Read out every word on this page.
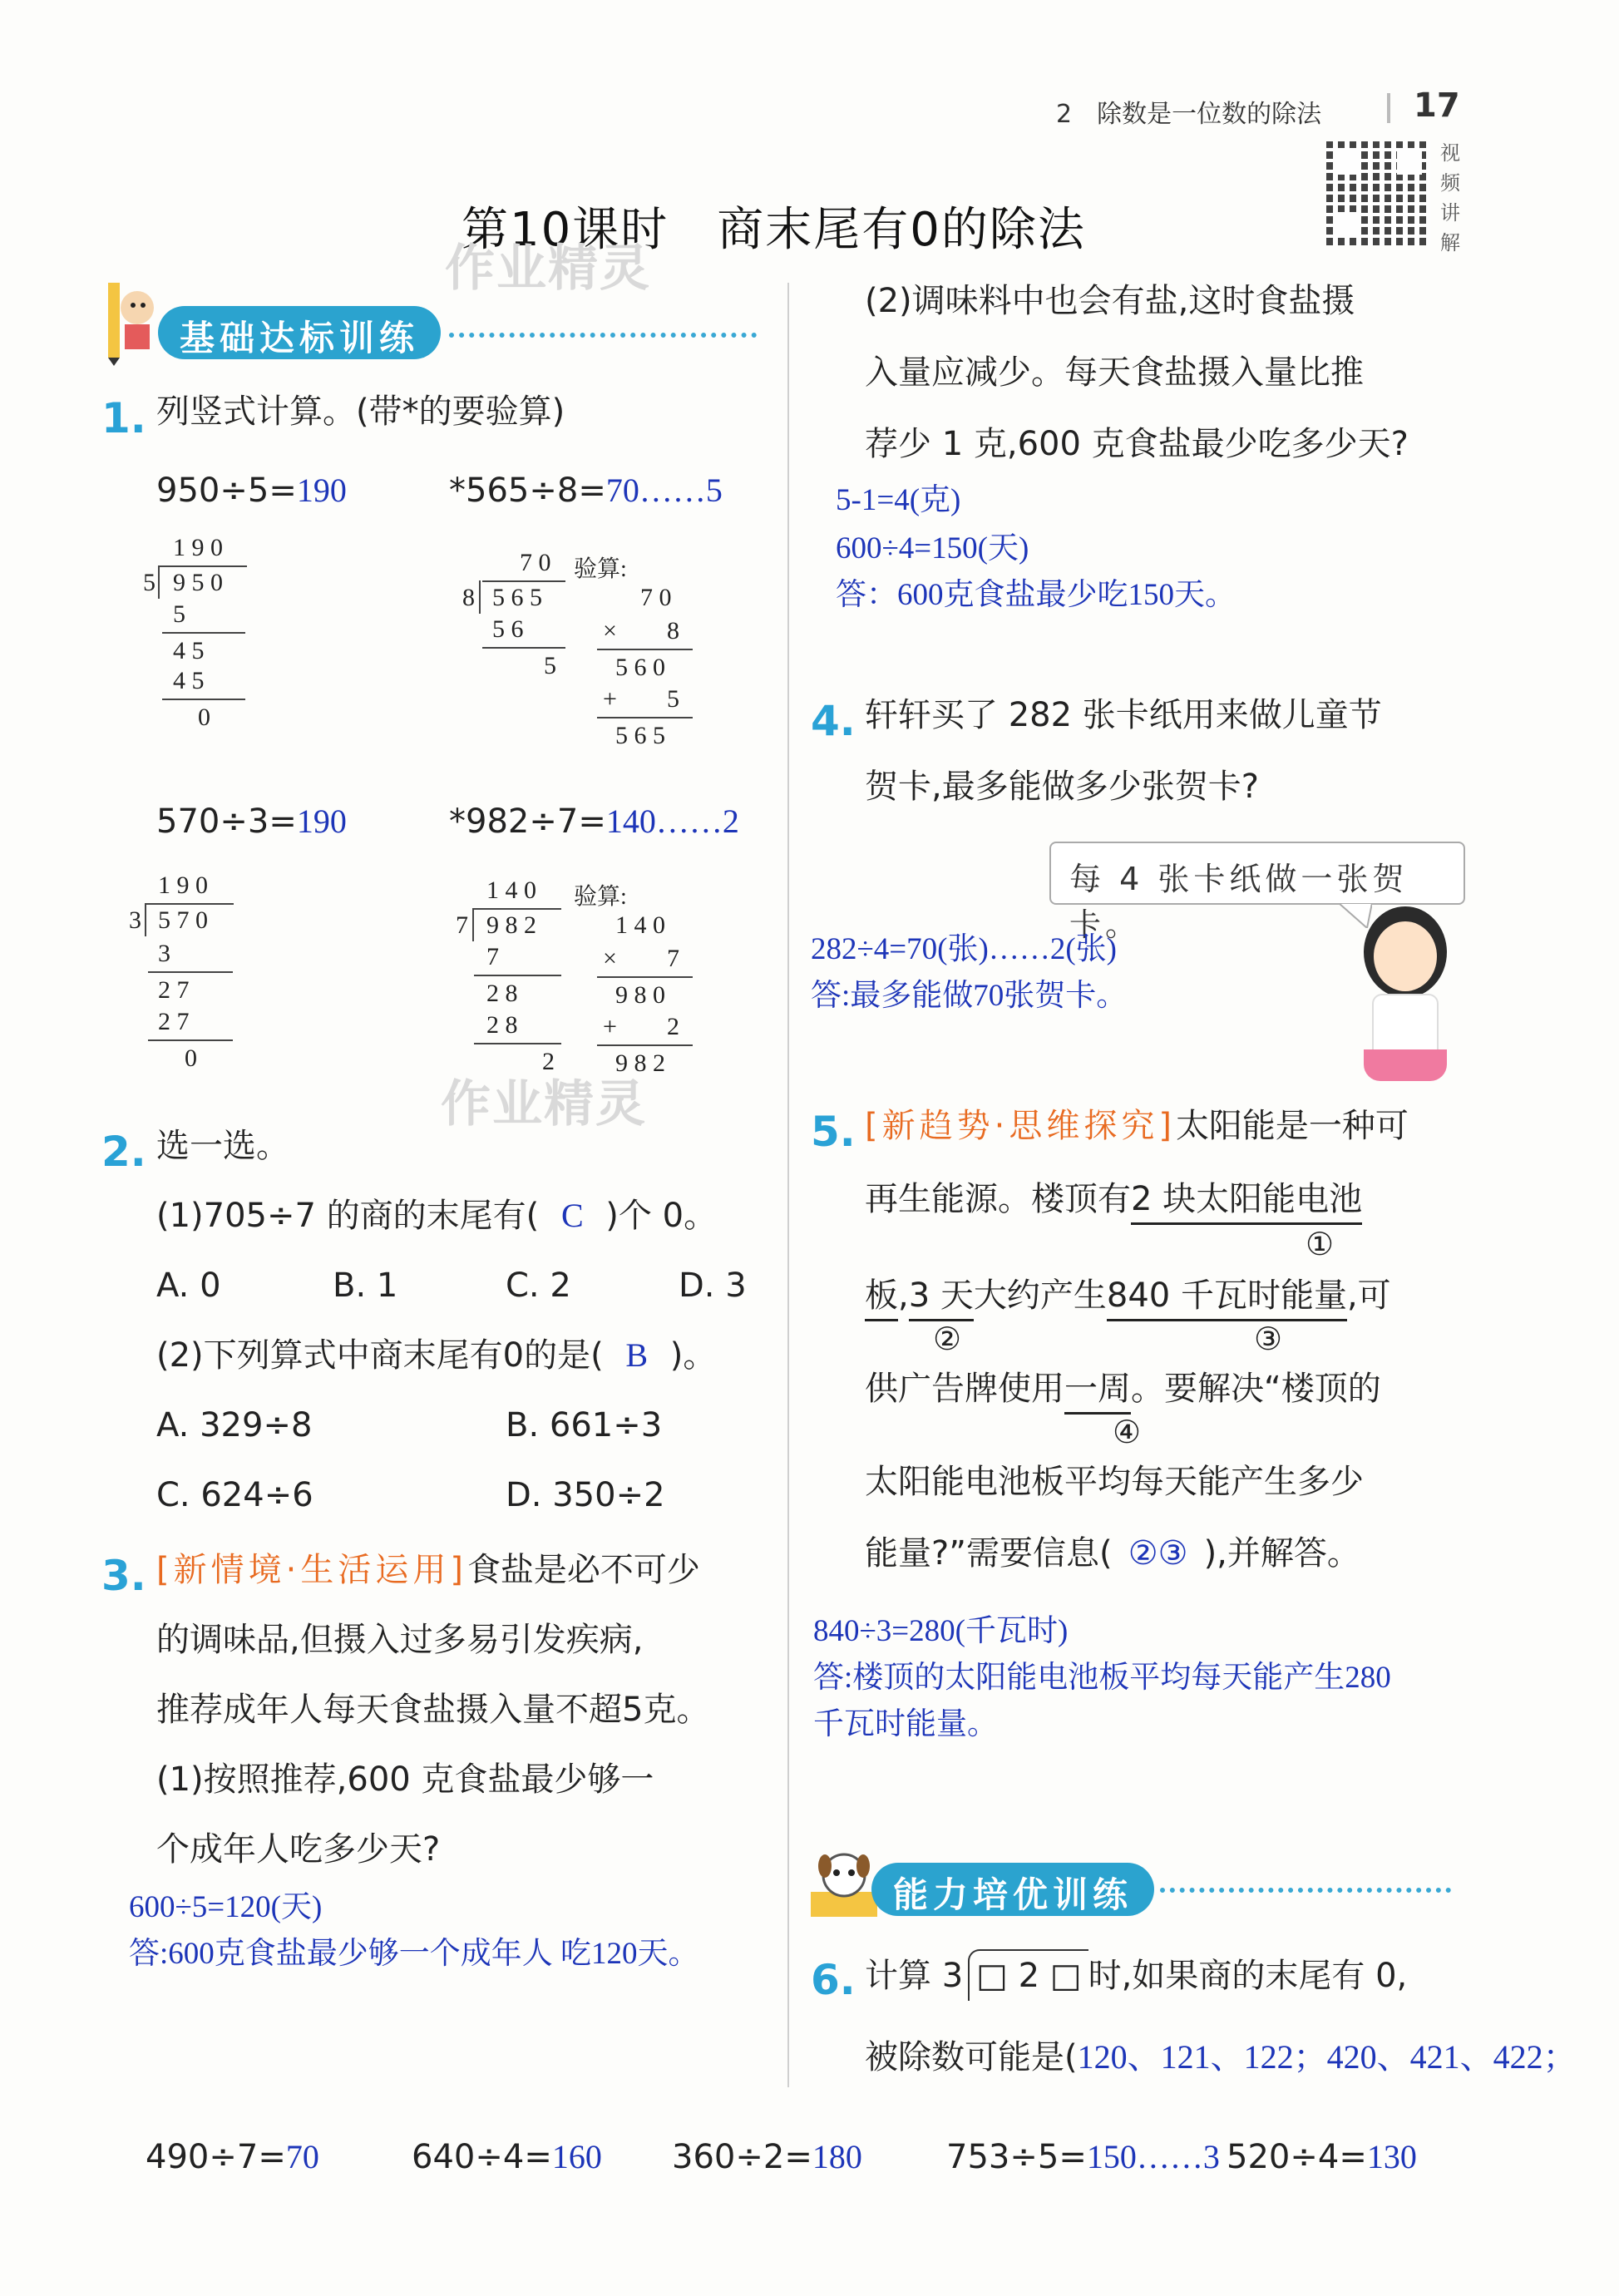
2　除数是一位数的除法	17
视频讲解
第10课时　商末尾有0的除法
作业精灵
作业精灵
基础达标训练
1. 列竖式计算。(带*的要验算)
950÷5=190	*565÷8=70……5
1 9 0
5 9 5 0
5
4 5
4 5
0
7 0 验算:
8 5 6 5
5 6
5
7 0
× 8
5 6 0
+ 5
5 6 5
570÷3=190	*982÷7=140……2
1 9 0
3 5 7 0
3
2 7
2 7
0
1 4 0 验算:
7 9 8 2
7
2 8
2 8
2
1 4 0
× 7
9 8 0
+ 2
9 8 2
2. 选一选。
(1)705÷7 的商的末尾有( C )个 0。
A. 0	B. 1	C. 2	D. 3
(2)下列算式中商末尾有0的是( B )。
A. 329÷8	B. 661÷3
C. 624÷6	D. 350÷2
3. [新情境·生活运用]食盐是必不可少
的调味品,但摄入过多易引发疾病,
推荐成年人每天食盐摄入量不超5克。
(1)按照推荐,600 克食盐最少够一
个成年人吃多少天?
600÷5=120(天)
答:600克食盐最少够一个成年人 吃120天。
(2)调味料中也会有盐,这时食盐摄
入量应减少。每天食盐摄入量比推
荐少 1 克,600 克食盐最少吃多少天?
5-1=4(克)
600÷4=150(天)
答：600克食盐最少吃150天。
4. 轩轩买了 282 张卡纸用来做儿童节
贺卡,最多能做多少张贺卡?
每 4 张卡纸做一张贺卡。
282÷4=70(张)……2(张)
答:最多能做70张贺卡。
5. [新趋势·思维探究]太阳能是一种可
再生能源。楼顶有2 块太阳能电池
①
板,3 天大约产生840 千瓦时能量,可
②	③
供广告牌使用一周。要解决“楼顶的
④
太阳能电池板平均每天能产生多少
能量?”需要信息( ②③ ),并解答。
840÷3=280(千瓦时)
答:楼顶的太阳能电池板平均每天能产生280
千瓦时能量。
能力培优训练
6. 计算 3 □ 2 □ 时,如果商的末尾有 0,
被除数可能是(120、121、122；420、421、422；
490÷7=70	640÷4=160 360÷2=180	753÷5=150……3 520÷4=130
